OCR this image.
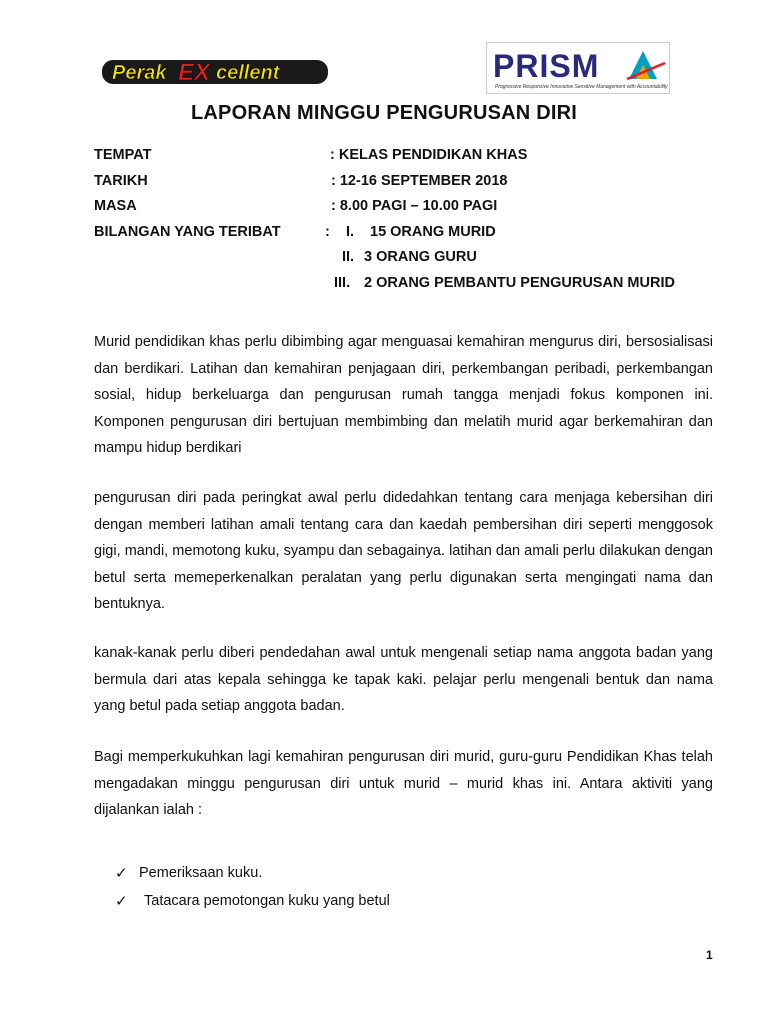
Perak EX cellent	PRISM
Progressive Responsive Innovative Sensitive Management with Accountability
LAPORAN MINGGU PENGURUSAN DIRI
TEMPAT	: KELAS PENDIDIKAN KHAS
TARIKH	: 12-16 SEPTEMBER 2018
MASA	: 8.00 PAGI – 10.00 PAGI
BILANGAN YANG TERIBAT	: I. 15 ORANG MURID
II. 3 ORANG GURU
III. 2 ORANG PEMBANTU PENGURUSAN MURID

Murid pendidikan khas perlu dibimbing agar menguasai kemahiran mengurus diri, bersosialisasi dan berdikari. Latihan dan kemahiran penjagaan diri, perkembangan peribadi, perkembangan sosial, hidup berkeluarga dan pengurusan rumah tangga menjadi fokus komponen ini. Komponen pengurusan diri bertujuan membimbing dan melatih murid agar berkemahiran dan mampu hidup berdikari

pengurusan diri pada peringkat awal perlu didedahkan tentang cara menjaga kebersihan diri dengan memberi latihan amali tentang cara dan kaedah pembersihan diri seperti menggosok gigi, mandi, memotong kuku, syampu dan sebagainya. latihan dan amali perlu dilakukan dengan betul serta memeperkenalkan peralatan yang perlu digunakan serta mengingati nama dan bentuknya.

kanak-kanak perlu diberi pendedahan awal untuk mengenali setiap nama anggota badan yang bermula dari atas kepala sehingga ke tapak kaki. pelajar perlu mengenali bentuk dan nama yang betul pada setiap anggota badan.

Bagi memperkukuhkan lagi kemahiran pengurusan diri murid, guru-guru Pendidikan Khas telah mengadakan minggu pengurusan diri untuk murid – murid khas ini. Antara aktiviti yang dijalankan ialah :

✓ Pemeriksaan kuku.
✓ Tatacara pemotongan kuku yang betul
1
